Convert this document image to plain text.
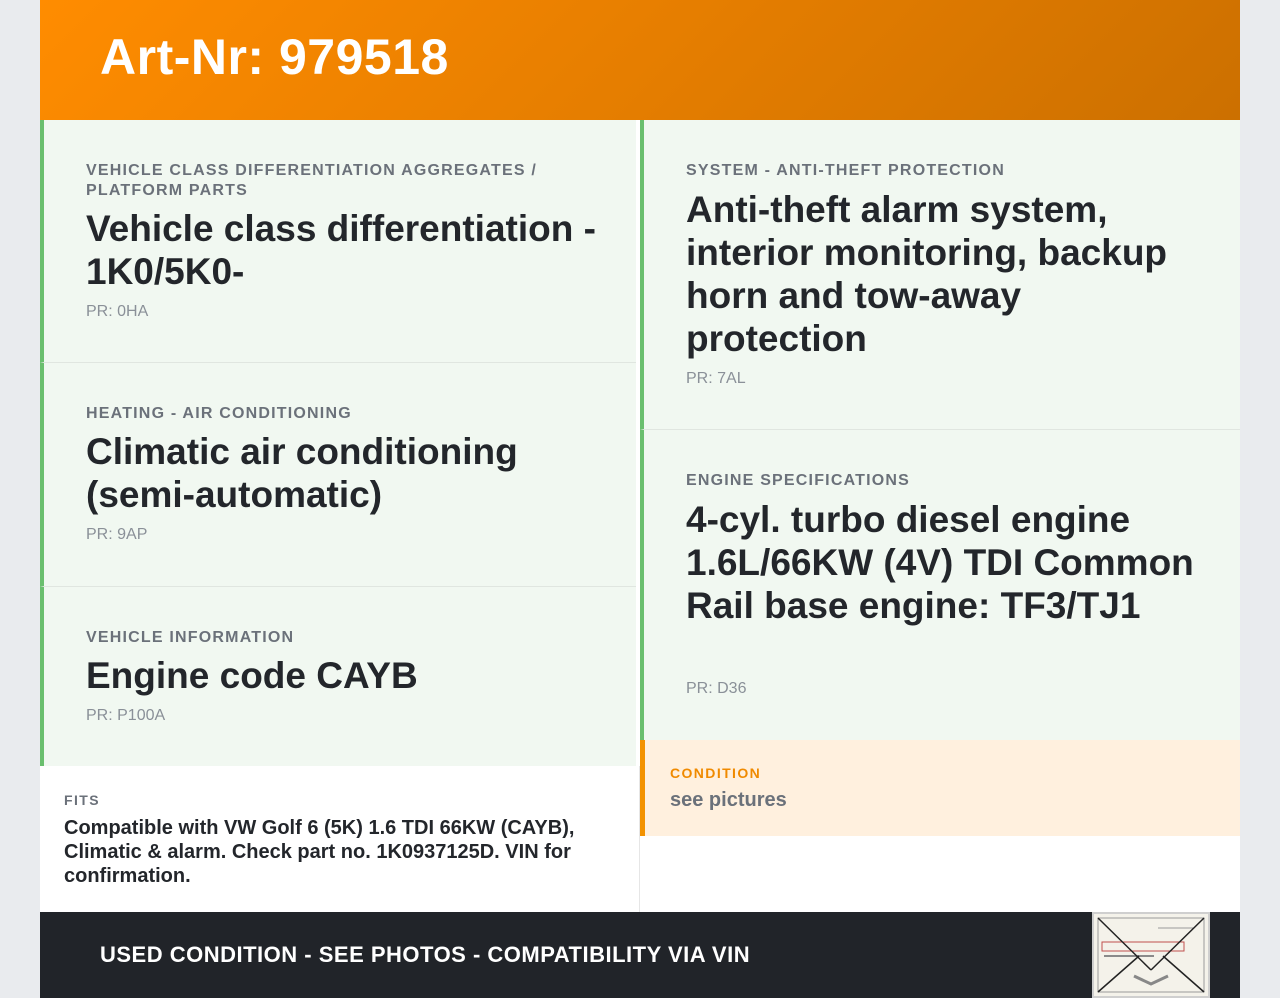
Art-Nr: 979518
VEHICLE CLASS DIFFERENTIATION AGGREGATES / PLATFORM PARTS
Vehicle class differentiation - 1K0/5K0-
PR: 0HA
HEATING - AIR CONDITIONING
Climatic air conditioning (semi-automatic)
PR: 9AP
VEHICLE INFORMATION
Engine code CAYB
PR: P100A
SYSTEM - ANTI-THEFT PROTECTION
Anti-theft alarm system, interior monitoring, backup horn and tow-away protection
PR: 7AL
ENGINE SPECIFICATIONS
4-cyl. turbo diesel engine 1.6L/66KW (4V) TDI Common Rail base engine: TF3/TJ1
PR: D36
FITS
Compatible with VW Golf 6 (5K) 1.6 TDI 66KW (CAYB), Climatic & alarm. Check part no. 1K0937125D. VIN for confirmation.
CONDITION
see pictures
USED CONDITION - SEE PHOTOS - COMPATIBILITY VIA VIN
